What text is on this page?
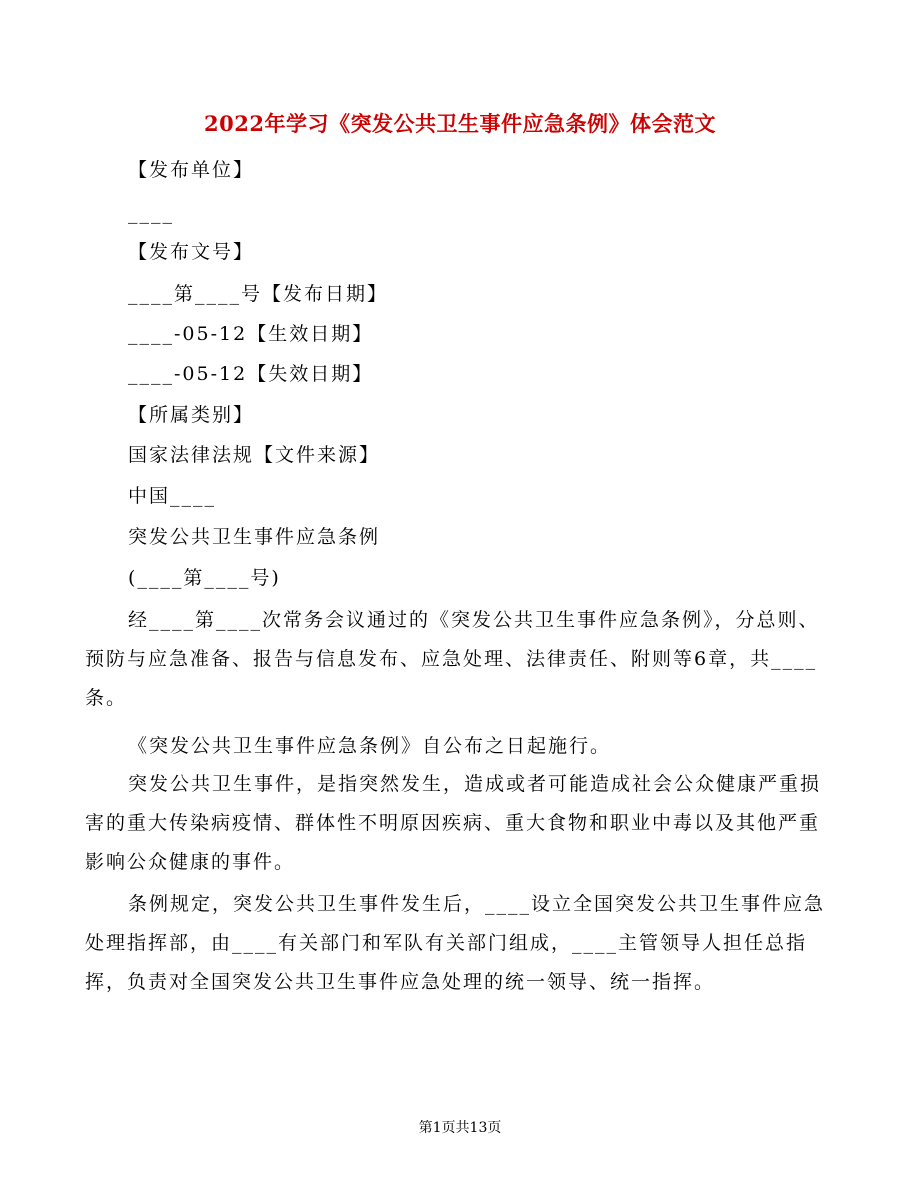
2022年学习《突发公共卫生事件应急条例》体会范文
【发布单位】
____
【发布文号】
____第____号【发布日期】
____-05-12【生效日期】
____-05-12【失效日期】
【所属类别】
国家法律法规【文件来源】
中国____
突发公共卫生事件应急条例
(____第____号)
经____第____次常务会议通过的《突发公共卫生事件应急条例》，分总则、预防与应急准备、报告与信息发布、应急处理、法律责任、附则等6章，共____条。
《突发公共卫生事件应急条例》自公布之日起施行。
突发公共卫生事件，是指突然发生，造成或者可能造成社会公众健康严重损害的重大传染病疫情、群体性不明原因疾病、重大食物和职业中毒以及其他严重影响公众健康的事件。
条例规定，突发公共卫生事件发生后，____设立全国突发公共卫生事件应急处理指挥部，由____有关部门和军队有关部门组成，____主管领导人担任总指挥，负责对全国突发公共卫生事件应急处理的统一领导、统一指挥。
第1页共13页
